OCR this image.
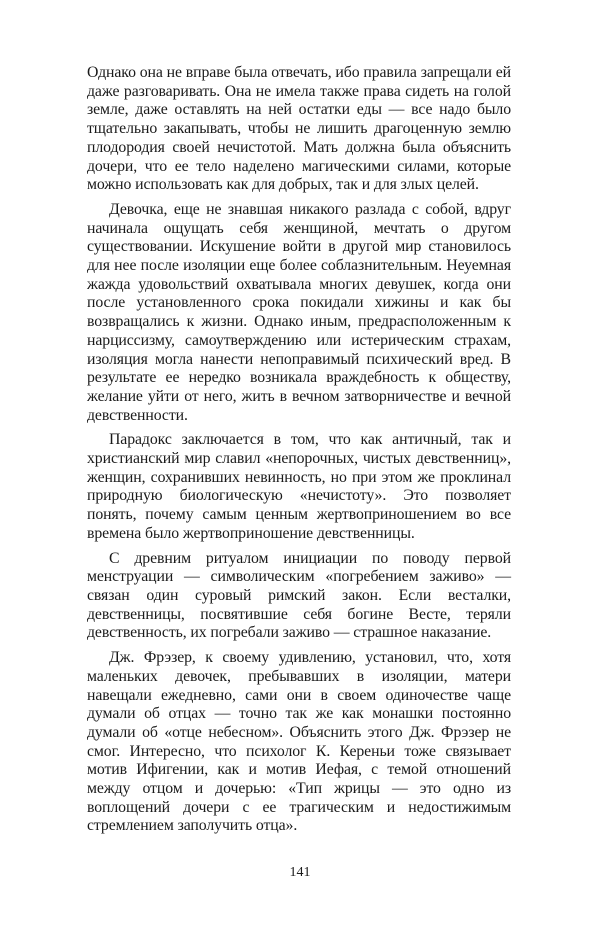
Однако она не вправе была отвечать, ибо правила запрещали ей даже разговаривать. Она не имела также права сидеть на голой земле, даже оставлять на ней остатки еды — все надо было тщательно закапывать, чтобы не лишить драгоценную землю плодородия своей нечистотой. Мать должна была объяснить дочери, что ее тело наделено магическими силами, которые можно использовать как для добрых, так и для злых целей.

Девочка, еще не знавшая никакого разлада с собой, вдруг начинала ощущать себя женщиной, мечтать о другом существовании. Искушение войти в другой мир становилось для нее после изоляции еще более соблазнительным. Неуемная жажда удовольствий охватывала многих девушек, когда они после установленного срока покидали хижины и как бы возвращались к жизни. Однако иным, предрасположенным к нарциссизму, самоутверждению или истерическим страхам, изоляция могла нанести непоправимый психический вред. В результате ее нередко возникала враждебность к обществу, желание уйти от него, жить в вечном затворничестве и вечной девственности.

Парадокс заключается в том, что как античный, так и христианский мир славил «непорочных, чистых девственниц», женщин, сохранивших невинность, но при этом же проклинал природную биологическую «нечистоту». Это позволяет понять, почему самым ценным жертвоприношением во все времена было жертвоприношение девственницы.

С древним ритуалом инициации по поводу первой менструации — символическим «погребением заживо» — связан один суровый римский закон. Если весталки, девственницы, посвятившие себя богине Весте, теряли девственность, их погребали заживо — страшное наказание.

Дж. Фрэзер, к своему удивлению, установил, что, хотя маленьких девочек, пребывавших в изоляции, матери навещали ежедневно, сами они в своем одиночестве чаще думали об отцах — точно так же как монашки постоянно думали об «отце небесном». Объяснить этого Дж. Фрэзер не смог. Интересно, что психолог К. Кереньи тоже связывает мотив Ифигении, как и мотив Иефая, с темой отношений между отцом и дочерью: «Тип жрицы — это одно из воплощений дочери с ее трагическим и недостижимым стремлением заполучить отца».

141
